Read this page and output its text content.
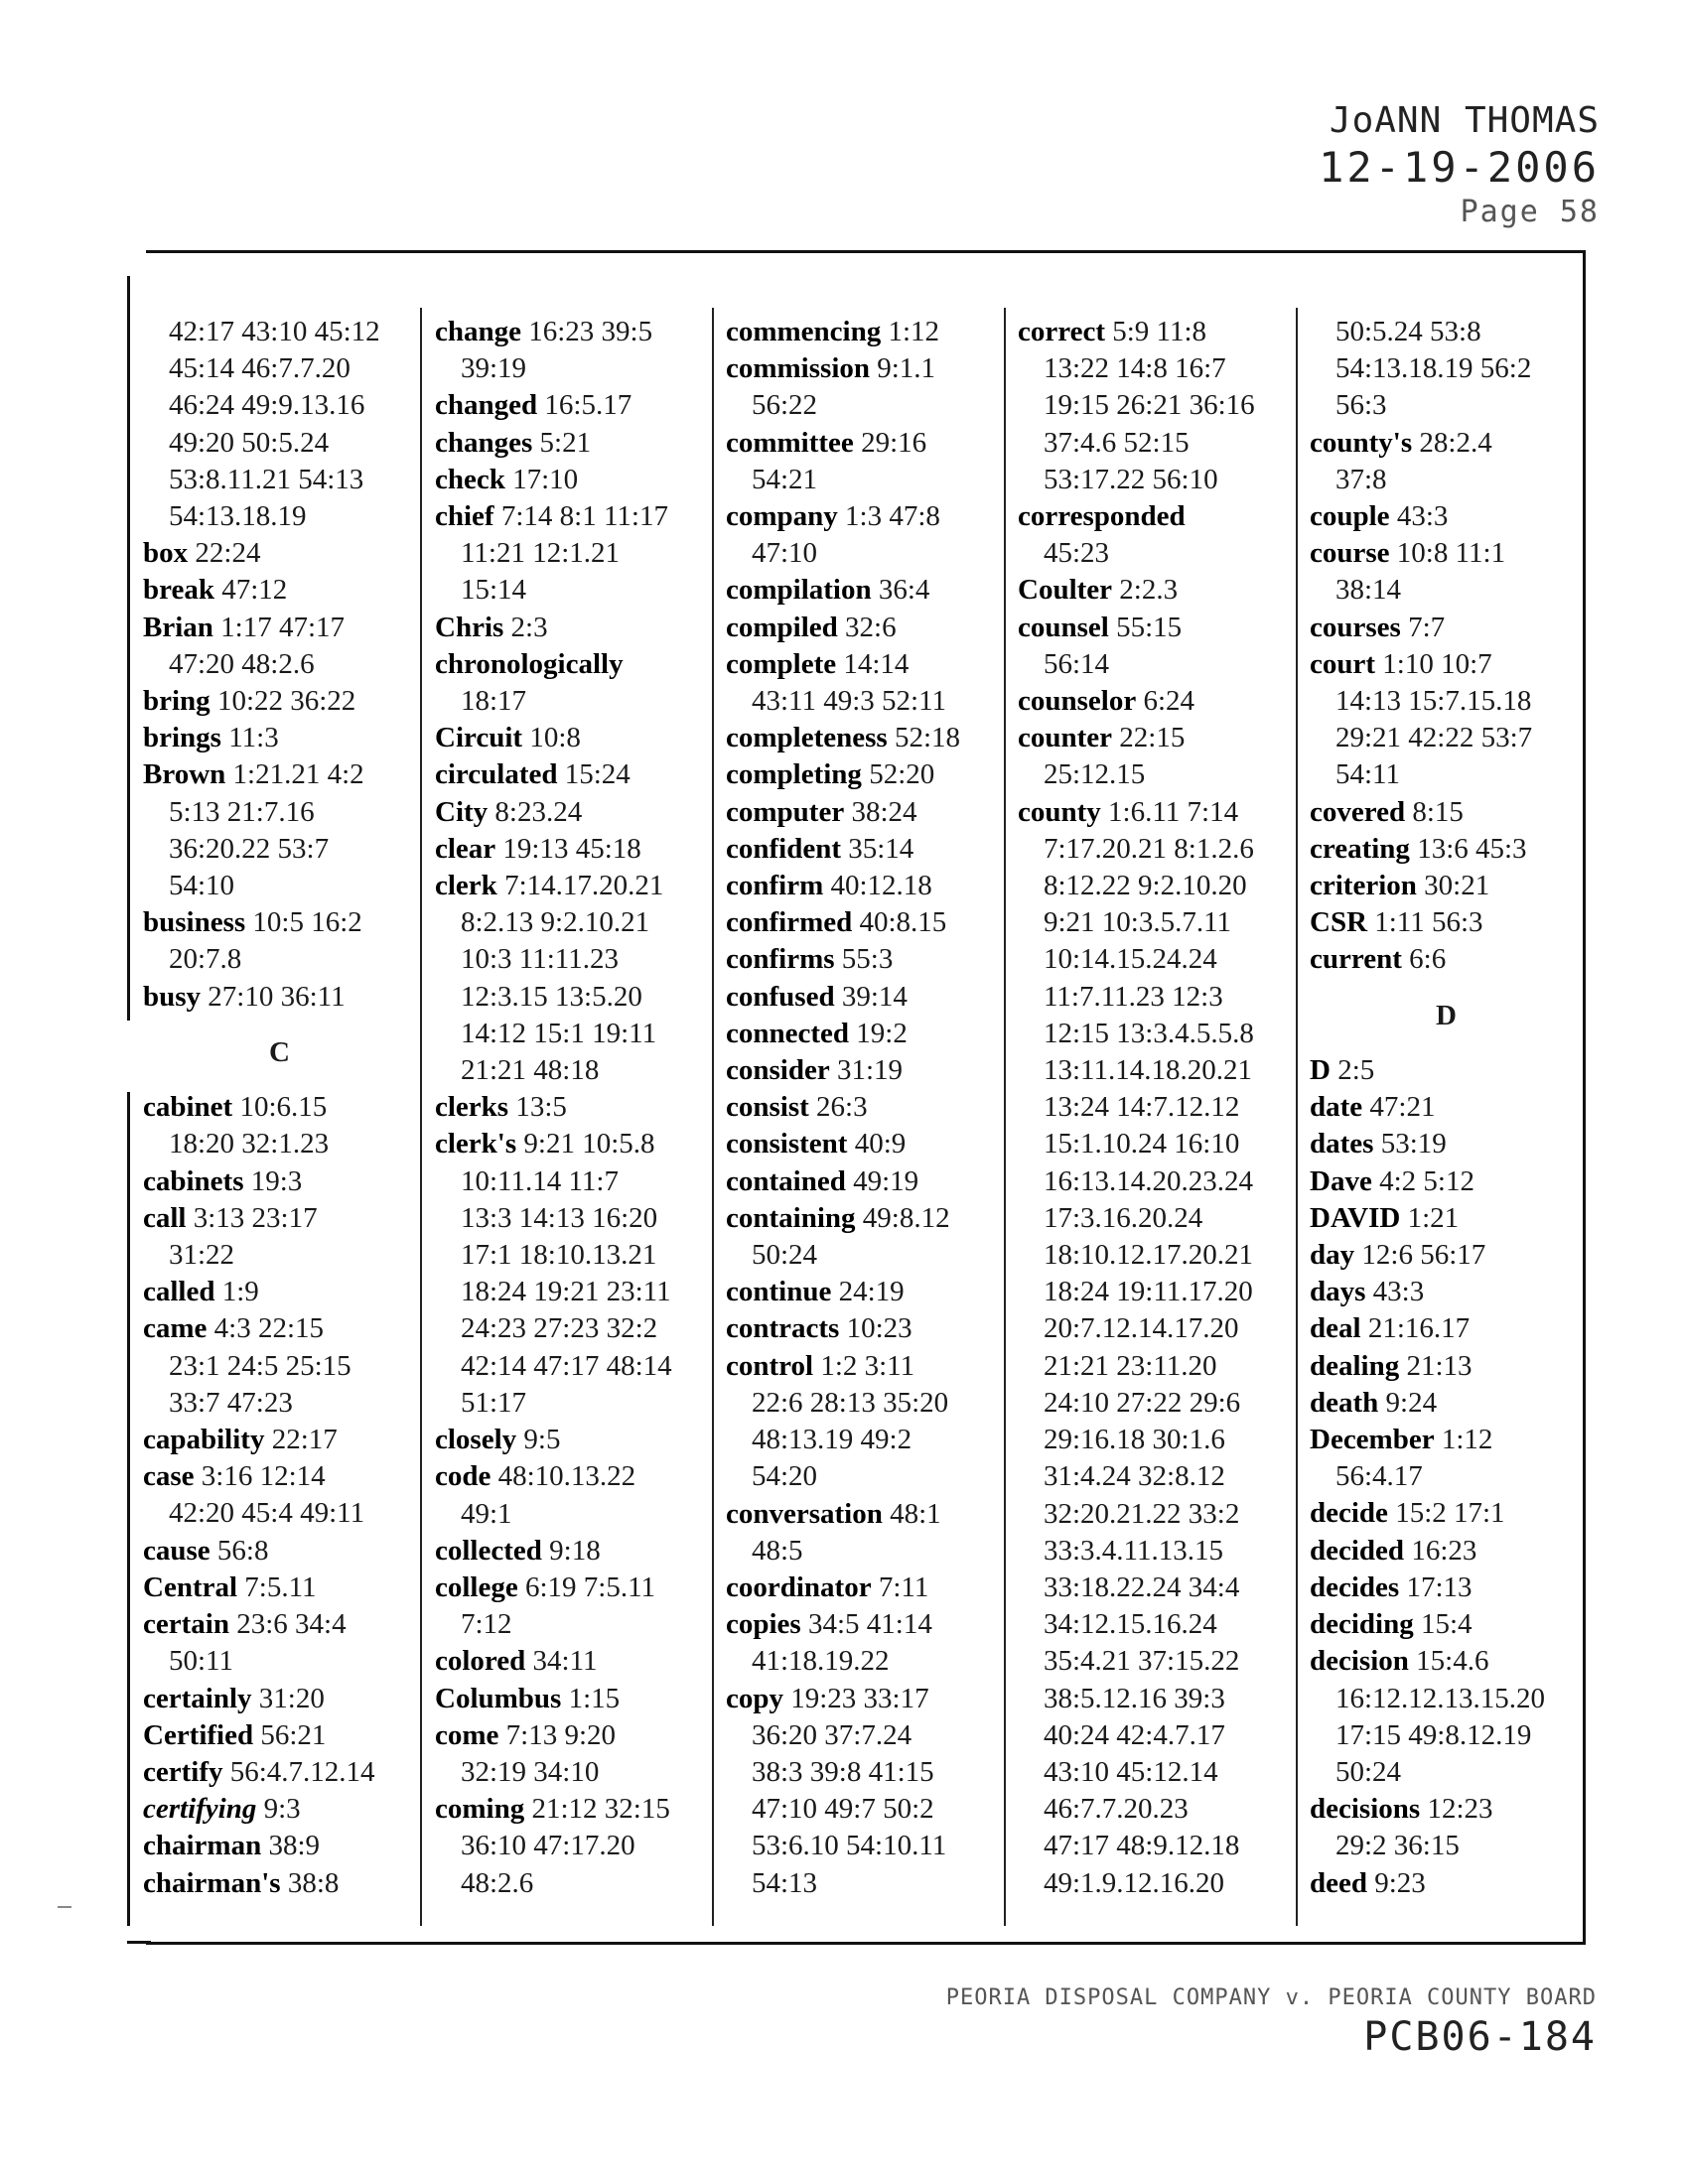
JoANN THOMAS
12-19-2006
Page 58
42:17 43:10 45:12
45:14 46:7.7.20
46:24 49:9.13.16
49:20 50:5.24
53:8.11.21 54:13
54:13.18.19
box 22:24
break 47:12
Brian 1:17 47:17
47:20 48:2.6
bring 10:22 36:22
brings 11:3
Brown 1:21.21 4:2
5:13 21:7.16
36:20.22 53:7
54:10
business 10:5 16:2
20:7.8
busy 27:10 36:11
C
cabinet 10:6.15
18:20 32:1.23
cabinets 19:3
call 3:13 23:17
31:22
called 1:9
came 4:3 22:15
23:1 24:5 25:15
33:7 47:23
capability 22:17
case 3:16 12:14
42:20 45:4 49:11
cause 56:8
Central 7:5.11
certain 23:6 34:4
50:11
certainly 31:20
Certified 56:21
certify 56:4.7.12.14
certifying 9:3
chairman 38:9
chairman's 38:8
change 16:23 39:5
39:19
changed 16:5.17
changes 5:21
check 17:10
chief 7:14 8:1 11:17
11:21 12:1.21
15:14
Chris 2:3
chronologically
18:17
Circuit 10:8
circulated 15:24
City 8:23.24
clear 19:13 45:18
clerk 7:14.17.20.21
8:2.13 9:2.10.21
10:3 11:11.23
12:3.15 13:5.20
14:12 15:1 19:11
21:21 48:18
clerks 13:5
clerk's 9:21 10:5.8
10:11.14 11:7
13:3 14:13 16:20
17:1 18:10.13.21
18:24 19:21 23:11
24:23 27:23 32:2
42:14 47:17 48:14
51:17
closely 9:5
code 48:10.13.22
49:1
collected 9:18
college 6:19 7:5.11
7:12
colored 34:11
Columbus 1:15
come 7:13 9:20
32:19 34:10
coming 21:12 32:15
36:10 47:17.20
48:2.6
commencing 1:12
commission 9:1.1
56:22
committee 29:16
54:21
company 1:3 47:8
47:10
compilation 36:4
compiled 32:6
complete 14:14
43:11 49:3 52:11
completeness 52:18
completing 52:20
computer 38:24
confident 35:14
confirm 40:12.18
confirmed 40:8.15
confirms 55:3
confused 39:14
connected 19:2
consider 31:19
consist 26:3
consistent 40:9
contained 49:19
containing 49:8.12
50:24
continue 24:19
contracts 10:23
control 1:2 3:11
22:6 28:13 35:20
48:13.19 49:2
54:20
conversation 48:1
48:5
coordinator 7:11
copies 34:5 41:14
41:18.19.22
copy 19:23 33:17
36:20 37:7.24
38:3 39:8 41:15
47:10 49:7 50:2
53:6.10 54:10.11
54:13
correct 5:9 11:8
13:22 14:8 16:7
19:15 26:21 36:16
37:4.6 52:15
53:17.22 56:10
corresponded
45:23
Coulter 2:2.3
counsel 55:15
56:14
counselor 6:24
counter 22:15
25:12.15
county 1:6.11 7:14
7:17.20.21 8:1.2.6
8:12.22 9:2.10.20
9:21 10:3.5.7.11
10:14.15.24.24
11:7.11.23 12:3
12:15 13:3.4.5.5.8
13:11.14.18.20.21
13:24 14:7.12.12
15:1.10.24 16:10
16:13.14.20.23.24
17:3.16.20.24
18:10.12.17.20.21
18:24 19:11.17.20
20:7.12.14.17.20
21:21 23:11.20
24:10 27:22 29:6
29:16.18 30:1.6
31:4.24 32:8.12
32:20.21.22 33:2
33:3.4.11.13.15
33:18.22.24 34:4
34:12.15.16.24
35:4.21 37:15.22
38:5.12.16 39:3
40:24 42:4.7.17
43:10 45:12.14
46:7.7.20.23
47:17 48:9.12.18
49:1.9.12.16.20
50:5.24 53:8
54:13.18.19 56:2
56:3
county's 28:2.4
37:8
couple 43:3
course 10:8 11:1
38:14
courses 7:7
court 1:10 10:7
14:13 15:7.15.18
29:21 42:22 53:7
54:11
covered 8:15
creating 13:6 45:3
criterion 30:21
CSR 1:11 56:3
current 6:6
D
D 2:5
date 47:21
dates 53:19
Dave 4:2 5:12
DAVID 1:21
day 12:6 56:17
days 43:3
deal 21:16.17
dealing 21:13
death 9:24
December 1:12
56:4.17
decide 15:2 17:1
decided 16:23
decides 17:13
deciding 15:4
decision 15:4.6
16:12.12.13.15.20
17:15 49:8.12.19
50:24
decisions 12:23
29:2 36:15
deed 9:23
PEORIA DISPOSAL COMPANY v. PEORIA COUNTY BOARD
PCB06-184
